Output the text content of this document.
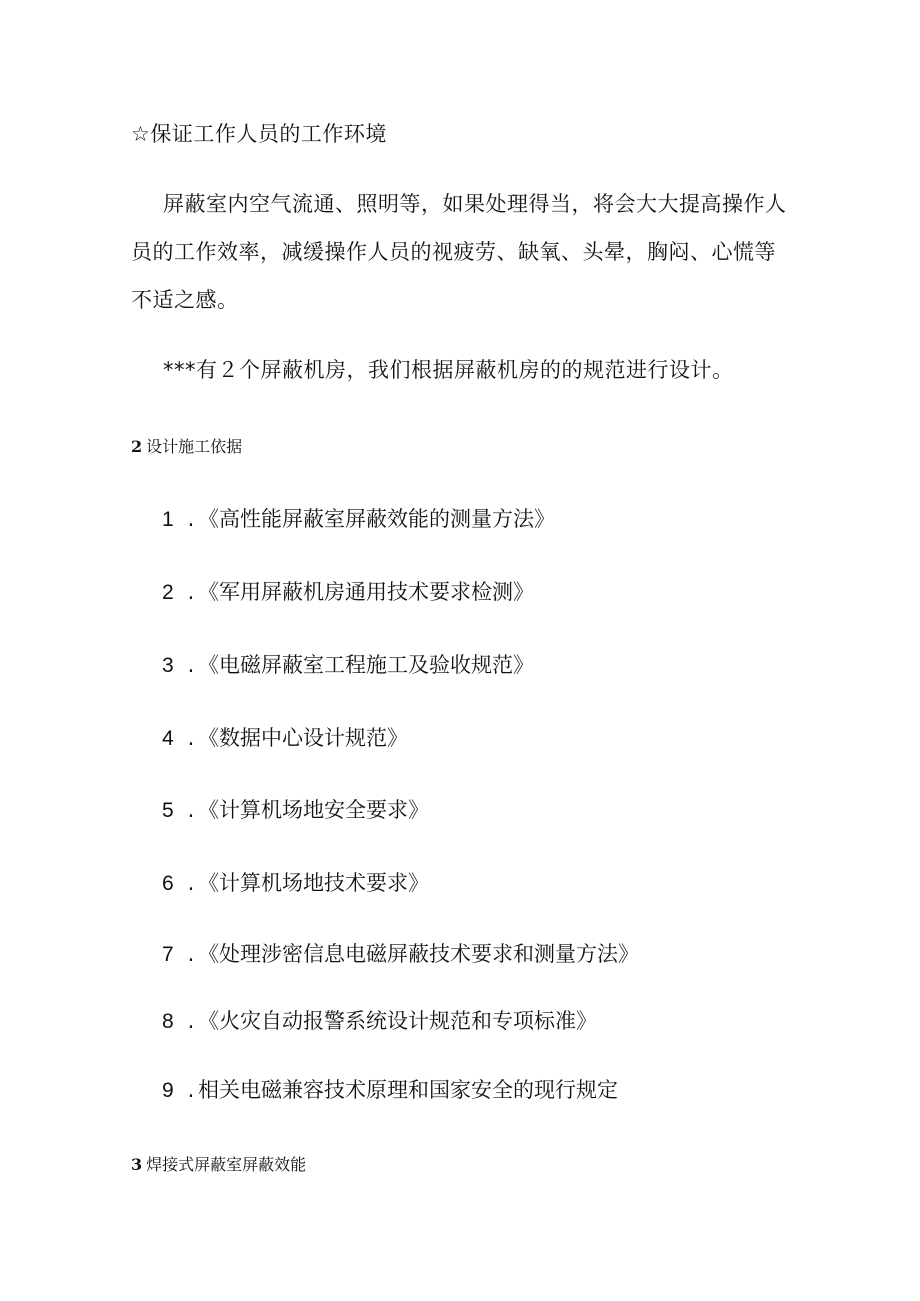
☆保证工作人员的工作环境
屏蔽室内空气流通、照明等，如果处理得当，将会大大提高操作人
员的工作效率，减缓操作人员的视疲劳、缺氧、头晕，胸闷、心慌等
不适之感。
***有２个屏蔽机房，我们根据屏蔽机房的的规范进行设计。
2 设计施工依据
1 . 《高性能屏蔽室屏蔽效能的测量方法》
2 . 《军用屏蔽机房通用技术要求检测》
3 . 《电磁屏蔽室工程施工及验收规范》
4 . 《数据中心设计规范》
5 . 《计算机场地安全要求》
6 . 《计算机场地技术要求》
7 . 《处理涉密信息电磁屏蔽技术要求和测量方法》
8 . 《火灾自动报警系统设计规范和专项标准》
9 . 相关电磁兼容技术原理和国家安全的现行规定
3 焊接式屏蔽室屏蔽效能
